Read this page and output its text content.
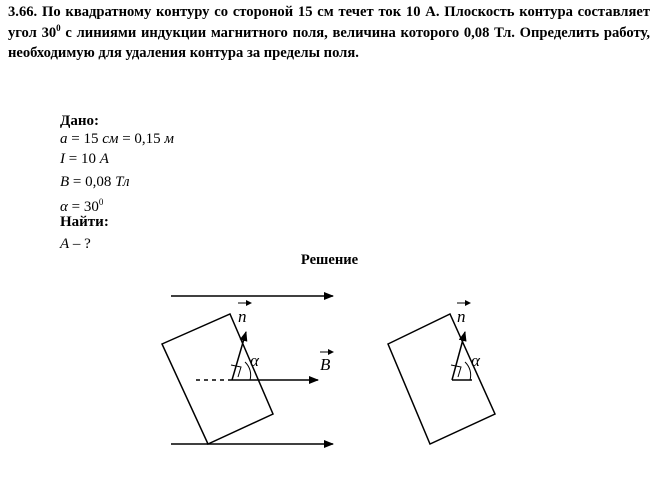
3.66. По квадратному контуру со стороной 15 см течет ток 10 А. Плоскость контура составляет угол $30^0$ с линиями индукции магнитного поля, величина которого 0,08 Тл. Определить работу, необходимую для удаления контура за пределы поля.
Дано:
a = 15 см = 0,15 м
I = 10 А
B = 0,08 Тл
$\alpha = 30^0$
Найти:
A – ?
Решение
n
α	B
n
α
